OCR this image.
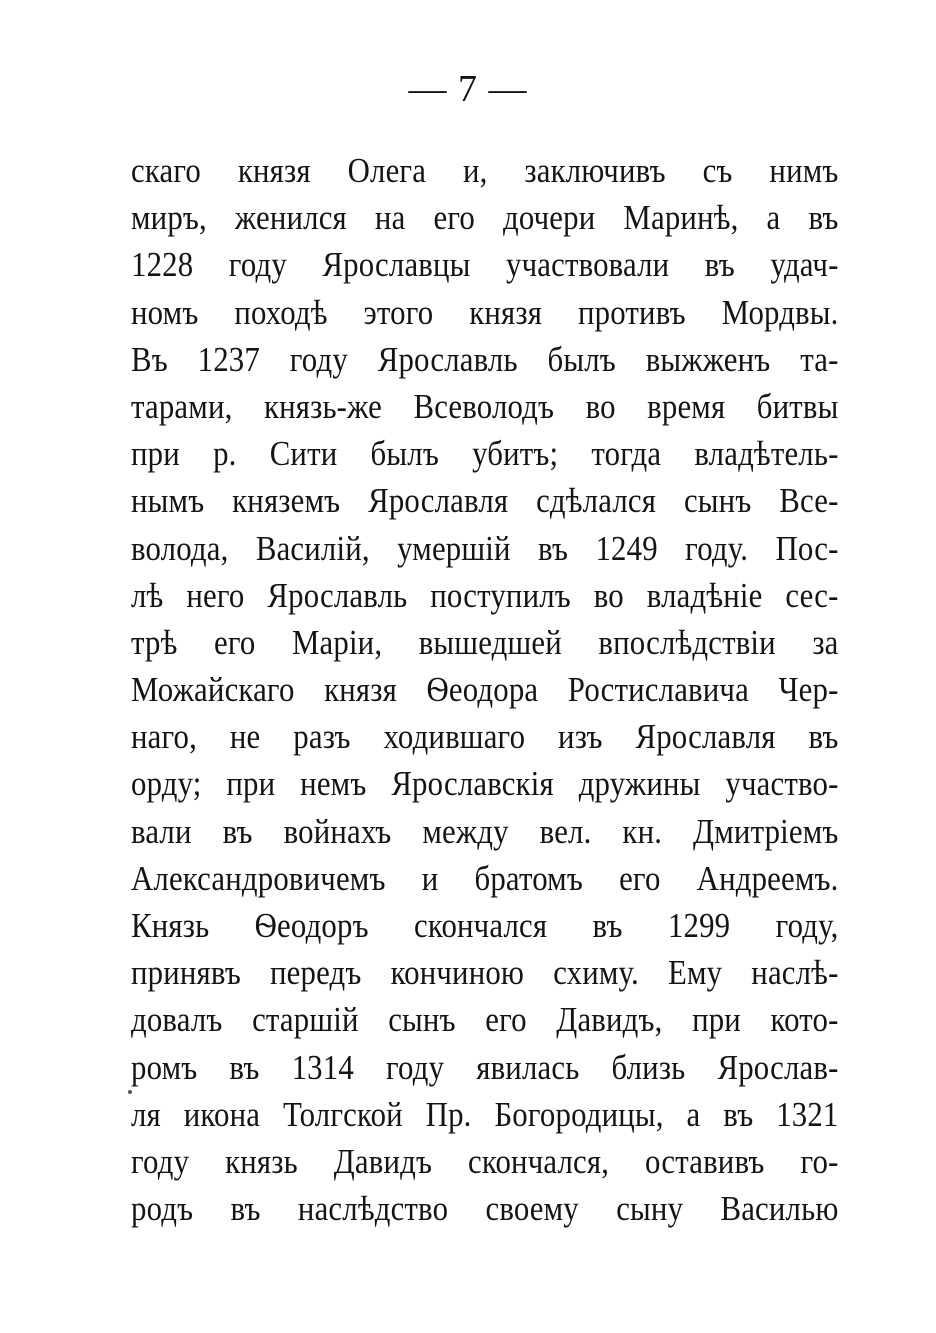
— 7 —
скаго князя Олега и, заключивъ съ нимъ
миръ, женился на его дочери Маринѣ, а въ
1228 году Ярославцы участвовали въ удач-
номъ походѣ этого князя противъ Мордвы.
Въ 1237 году Ярославль былъ выжженъ та-
тарами, князь-же Всеволодъ во время битвы
при р. Сити былъ убитъ; тогда владѣтель-
нымъ княземъ Ярославля сдѣлался сынъ Все-
волода, Василій, умершій въ 1249 году. Пос-
лѣ него Ярославль поступилъ во владѣніе сес-
трѣ его Маріи, вышедшей впослѣдствіи за
Можайскаго князя Ѳеодора Ростиславича Чер-
наго, не разъ ходившаго изъ Ярославля въ
орду; при немъ Ярославскія дружины участво-
вали въ войнахъ между вел. кн. Дмитріемъ
Александровичемъ и братомъ его Андреемъ.
Князь Ѳеодоръ скончался въ 1299 году,
принявъ передъ кончиною схиму. Ему наслѣ-
довалъ старшій сынъ его Давидъ, при кото-
ромъ въ 1314 году явилась близь Ярослав-
ля икона Толгской Пр. Богородицы, а въ 1321
году князь Давидъ скончался, оставивъ го-
родъ въ наслѣдство своему сыну Василью
